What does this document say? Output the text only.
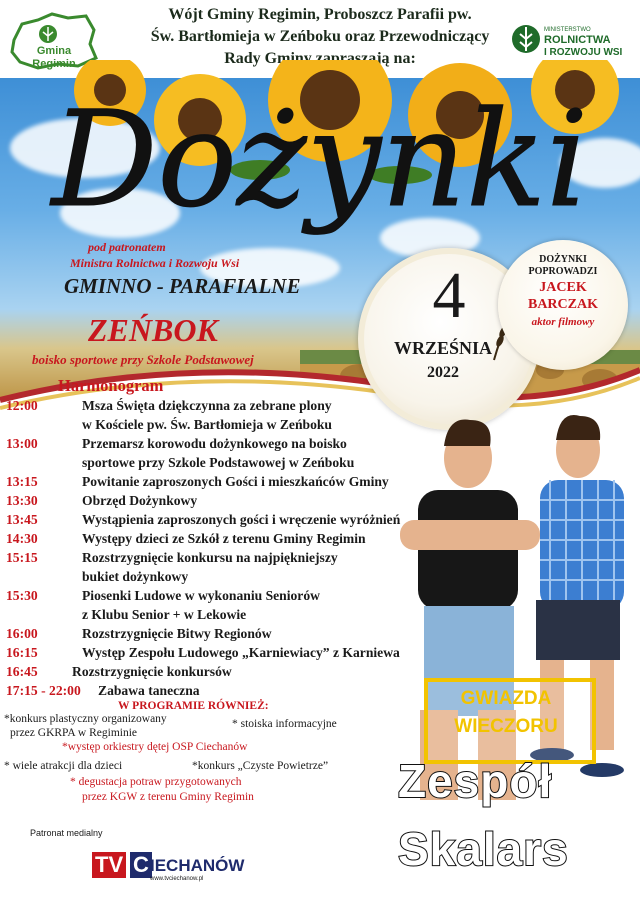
Wójt Gminy Regimin, Proboszcz Parafii pw.
Św. Bartłomieja w Zeńboku oraz Przewodniczący
Rady Gminy zapraszają na:
Gmina
Regimin
MINISTERSTWO
ROLNICTWA
I ROZWOJU WSI
Dożynki
pod patronatem
Ministra Rolnictwa i Rozwoju Wsi
GMINNO - PARAFIALNE
ZEŃBOK
boisko sportowe przy Szkole Podstawowej
4
WRZEŚNIA
2022
DOŻYNKI
POPROWADZI
JACEK
BARCZAK
aktor filmowy
Harmonogram
12:00	Msza Święta dziękczynna za zebrane plony
w Kościele pw. Św. Bartłomieja w Zeńboku
13:00	Przemarsz korowodu dożynkowego na boisko
sportowe przy Szkole Podstawowej w Zeńboku
13:15	Powitanie zaproszonych Gości i mieszkańców Gminy
13:30	Obrzęd Dożynkowy
13:45	Wystąpienia zaproszonych gości i wręczenie wyróżnień
14:30	Występy dzieci ze Szkół z terenu Gminy Regimin
15:15	Rozstrzygnięcie konkursu na najpiękniejszy
bukiet dożynkowy
15:30	Piosenki Ludowe w wykonaniu Seniorów
z Klubu Senior + w Lekowie
16:00	Rozstrzygnięcie Bitwy Regionów
16:15	Występ Zespołu Ludowego „Karniewiacy” z Karniewa
16:45	Rozstrzygnięcie konkursów
17:15 - 22:00 Zabawa taneczna
W PROGRAMIE RÓWNIEŻ:
*konkurs plastyczny organizowany
przez GKRPA w Regiminie
* stoiska informacyjne
*występ orkiestry dętej OSP Ciechanów
* wiele atrakcji dla dzieci	*konkurs „Czyste Powietrze”
* degustacja potraw przygotowanych
przez KGW z terenu Gminy Regimin
GWIAZDA
WIECZORU
Zespół
Skalars
Patronat medialny
TV C IECHANÓW
www.tvciechanow.pl
